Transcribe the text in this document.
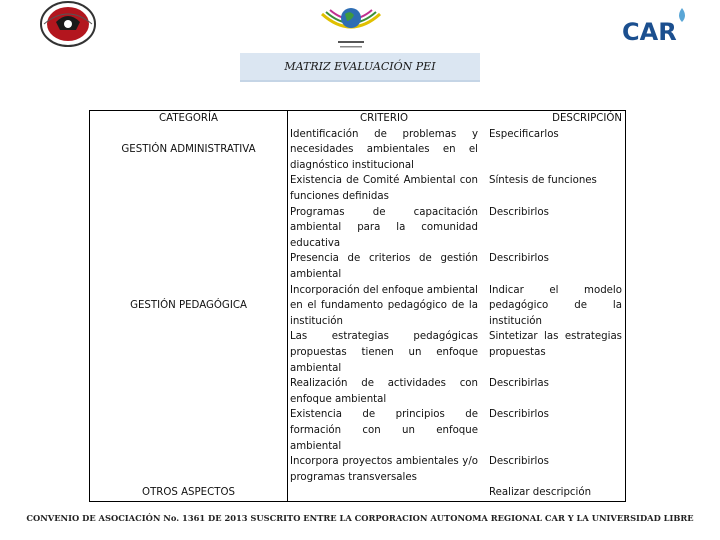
CAR
MATRIZ EVALUACIÓN PEI
CATEGORÍA	CRITERIO	DESCRIPCIÓN
GESTIÓN ADMINISTRATIVA
GESTIÓN PEDAGÓGICA
OTROS ASPECTOS
Identificación de problemas y necesidades ambientales en el diagnóstico institucional
Existencia de Comité Ambiental con funciones definidas
Programas de capacitación ambiental para la comunidad educativa
Presencia de criterios de gestión ambiental
Incorporación del enfoque ambiental en el fundamento pedagógico de la institución
Las estrategias pedagógicas propuestas tienen un enfoque ambiental
Realización de actividades con enfoque ambiental
Existencia de principios de formación con un enfoque ambiental
Incorpora proyectos ambientales y/o programas transversales
Especificarlos
Síntesis de funciones
Describirlos
Describirlos
Indicar el modelo pedagógico de la institución
Sintetizar las estrategias propuestas
Describirlas
Describirlos
Describirlos
Realizar descripción
CONVENIO DE ASOCIACIÓN No. 1361 DE 2013 SUSCRITO ENTRE LA CORPORACION AUTONOMA REGIONAL CAR Y LA UNIVERSIDAD LIBRE
